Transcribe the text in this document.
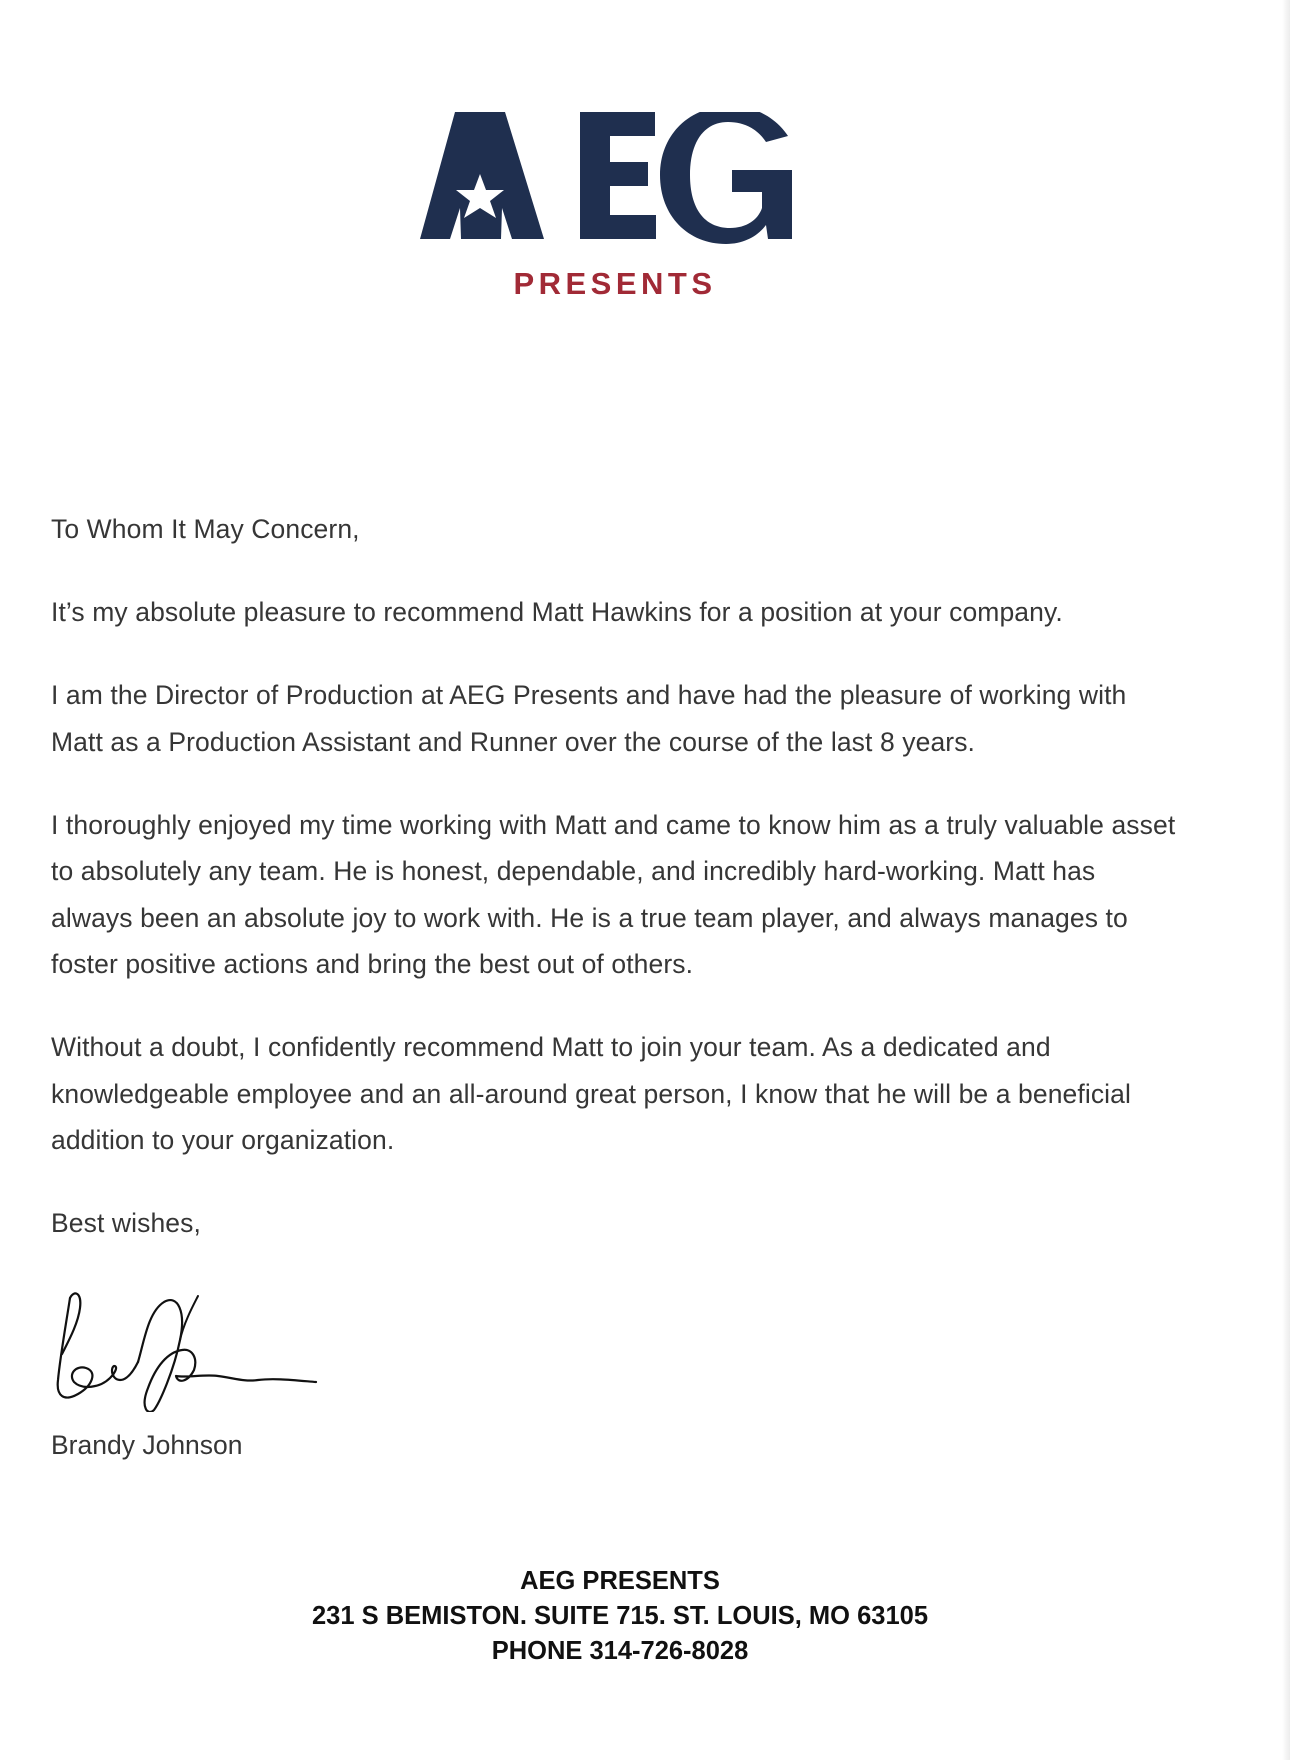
PRESENTS

To Whom It May Concern,

It’s my absolute pleasure to recommend Matt Hawkins for a position at your company.

I am the Director of Production at AEG Presents and have had the pleasure of working with Matt as a Production Assistant and Runner over the course of the last 8 years.

I thoroughly enjoyed my time working with Matt and came to know him as a truly valuable asset to absolutely any team. He is honest, dependable, and incredibly hard-working. Matt has always been an absolute joy to work with. He is a true team player, and always manages to foster positive actions and bring the best out of others.

Without a doubt, I confidently recommend Matt to join your team. As a dedicated and knowledgeable employee and an all-around great person, I know that he will be a beneficial addition to your organization.

Best wishes,

Brandy Johnson
AEG PRESENTS
231 S BEMISTON. SUITE 715. ST. LOUIS, MO 63105
PHONE 314-726-8028
